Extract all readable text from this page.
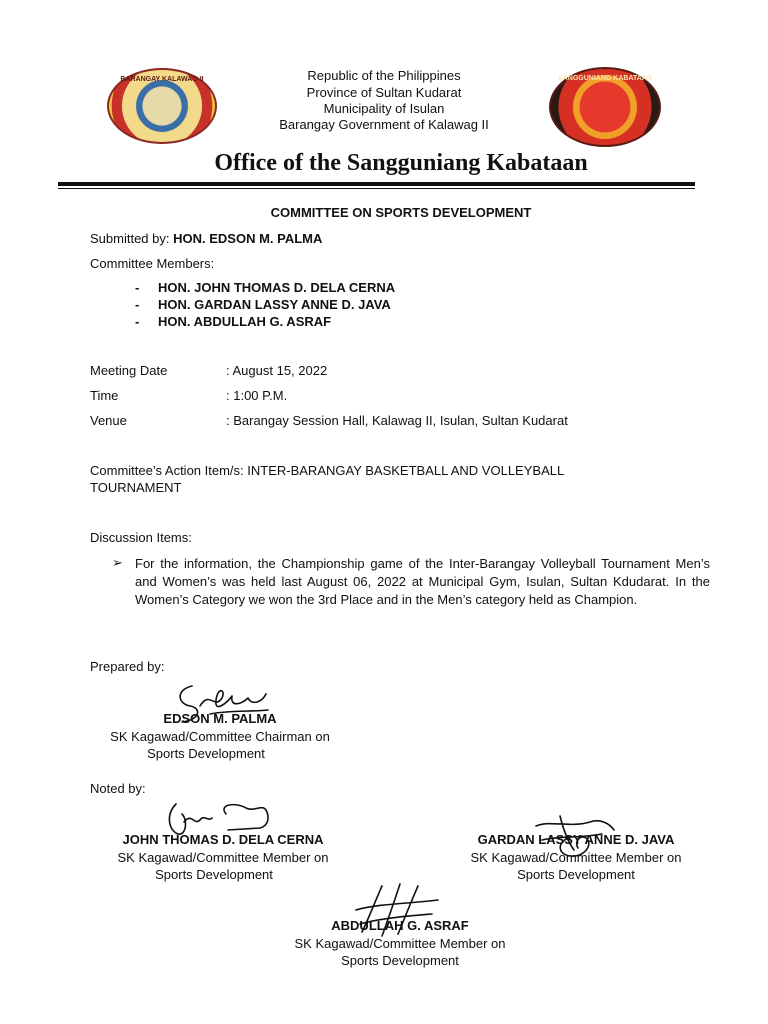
BARANGAY KALAWAG II	SANGGUNIANG KABATAAN
Republic of the Philippines
Province of Sultan Kudarat
Municipality of Isulan
Barangay Government of Kalawag II
Office of the Sangguniang Kabataan
COMMITTEE ON SPORTS DEVELOPMENT
Submitted by: HON. EDSON M. PALMA
Committee Members:
- HON. JOHN THOMAS D. DELA CERNA
- HON. GARDAN LASSY ANNE D. JAVA
- HON. ABDULLAH G. ASRAF
Meeting Date	: August 15, 2022
Time	: 1:00 P.M.
Venue	: Barangay Session Hall, Kalawag II, Isulan, Sultan Kudarat
Committee’s Action Item/s: INTER-BARANGAY BASKETBALL AND VOLLEYBALL
TOURNAMENT
Discussion Items:
➢ For the information, the Championship game of the Inter-Barangay Volleyball Tournament Men’s and Women’s was held last August 06, 2022 at Municipal Gym, Isulan, Sultan Kdudarat. In the Women’s Category we won the 3rd Place and in the Men’s category held as Champion.
Prepared by:
EDSON M. PALMA
SK Kagawad/Committee Chairman on
Sports Development
Noted by:
JOHN THOMAS D. DELA CERNA
SK Kagawad/Committee Member on
Sports Development
GARDAN LASSY ANNE D. JAVA
SK Kagawad/Committee Member on
Sports Development
ABDULLAH G. ASRAF
SK Kagawad/Committee Member on
Sports Development
